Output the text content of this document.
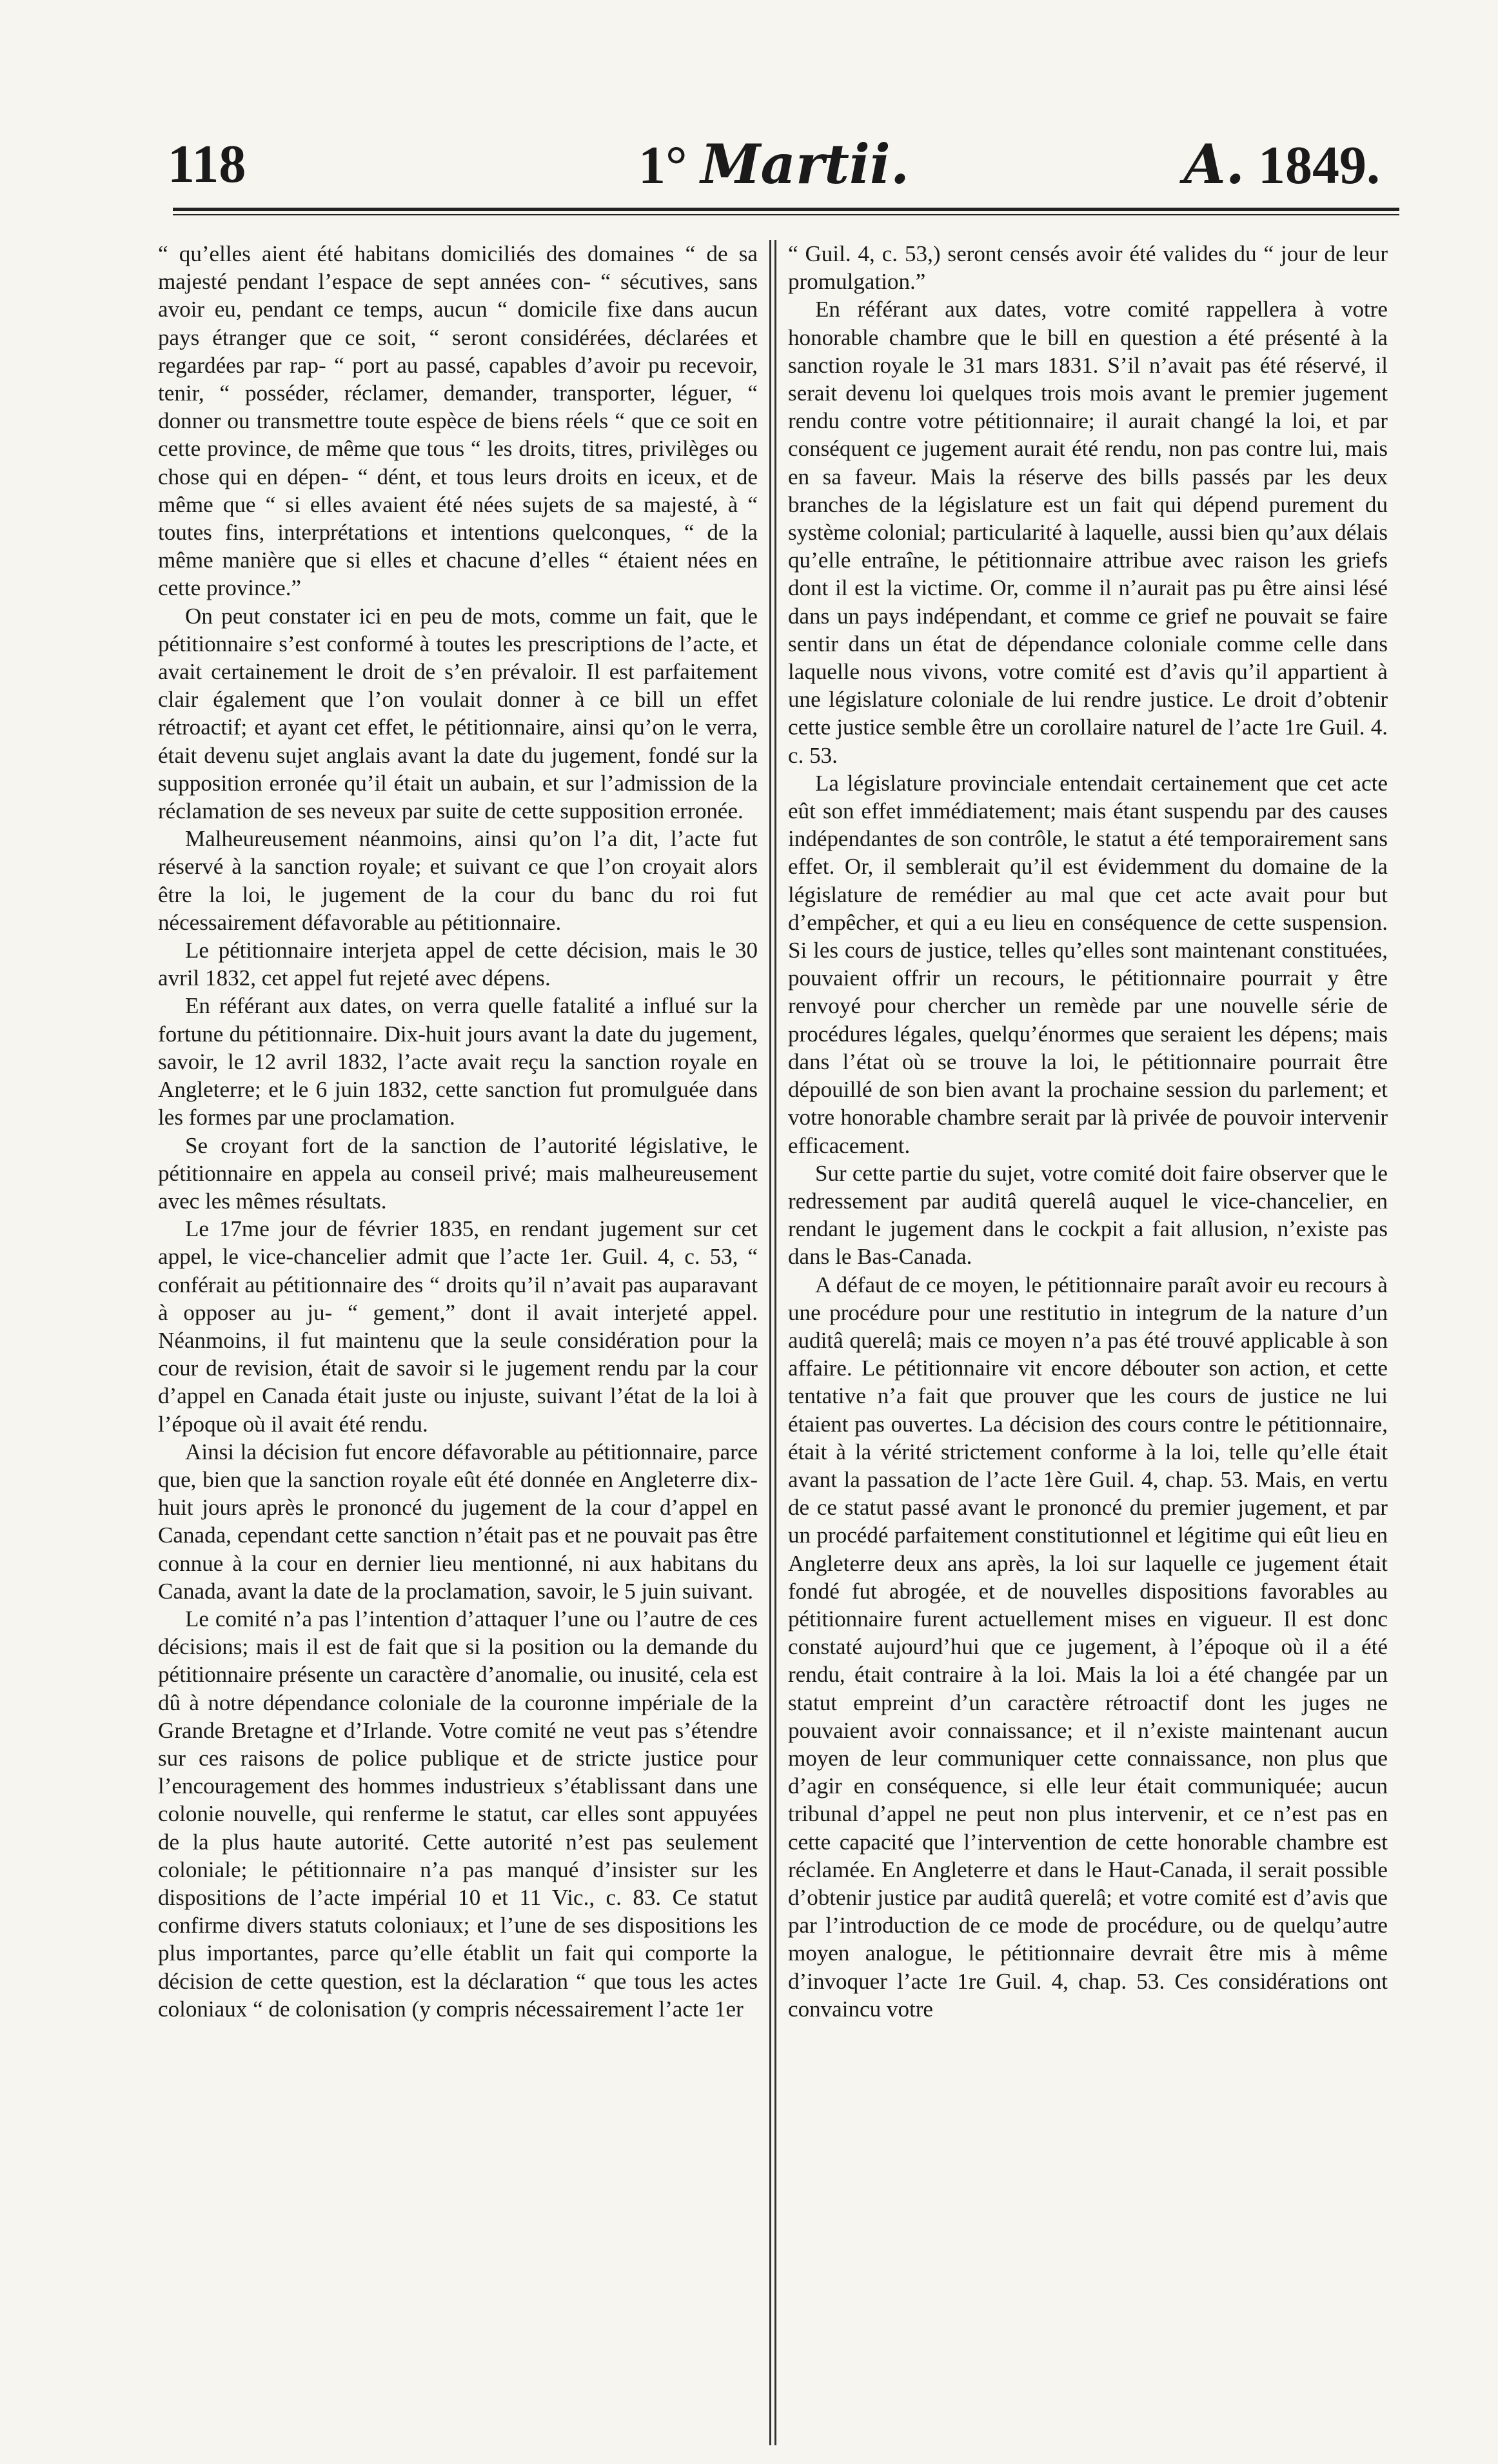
118	1° Martii.	A. 1849.

“ qu’elles aient été habitans domiciliés des domaines “ de sa majesté pendant l’espace de sept années con- “ sécutives, sans avoir eu, pendant ce temps, aucun “ domicile fixe dans aucun pays étranger que ce soit, “ seront considérées, déclarées et regardées par rap- “ port au passé, capables d’avoir pu recevoir, tenir, “ posséder, réclamer, demander, transporter, léguer, “ donner ou transmettre toute espèce de biens réels “ que ce soit en cette province, de même que tous “ les droits, titres, privilèges ou chose qui en dépen- “ dént, et tous leurs droits en iceux, et de même que “ si elles avaient été nées sujets de sa majesté, à “ toutes fins, interprétations et intentions quelconques, “ de la même manière que si elles et chacune d’elles “ étaient nées en cette province.”

On peut constater ici en peu de mots, comme un fait, que le pétitionnaire s’est conformé à toutes les prescriptions de l’acte, et avait certainement le droit de s’en prévaloir. Il est parfaitement clair également que l’on voulait donner à ce bill un effet rétroactif; et ayant cet effet, le pétitionnaire, ainsi qu’on le verra, était devenu sujet anglais avant la date du jugement, fondé sur la supposition erronée qu’il était un aubain, et sur l’admission de la réclamation de ses neveux par suite de cette supposition erronée.

Malheureusement néanmoins, ainsi qu’on l’a dit, l’acte fut réservé à la sanction royale; et suivant ce que l’on croyait alors être la loi, le jugement de la cour du banc du roi fut nécessairement défavorable au pétitionnaire.

Le pétitionnaire interjeta appel de cette décision, mais le 30 avril 1832, cet appel fut rejeté avec dépens.

En référant aux dates, on verra quelle fatalité a influé sur la fortune du pétitionnaire. Dix-huit jours avant la date du jugement, savoir, le 12 avril 1832, l’acte avait reçu la sanction royale en Angleterre; et le 6 juin 1832, cette sanction fut promulguée dans les formes par une proclamation.

Se croyant fort de la sanction de l’autorité législative, le pétitionnaire en appela au conseil privé; mais malheureusement avec les mêmes résultats.

Le 17me jour de février 1835, en rendant jugement sur cet appel, le vice-chancelier admit que l’acte 1er. Guil. 4, c. 53, “ conférait au pétitionnaire des “ droits qu’il n’avait pas auparavant à opposer au ju- “ gement,” dont il avait interjeté appel. Néanmoins, il fut maintenu que la seule considération pour la cour de revision, était de savoir si le jugement rendu par la cour d’appel en Canada était juste ou injuste, suivant l’état de la loi à l’époque où il avait été rendu.

Ainsi la décision fut encore défavorable au pétitionnaire, parce que, bien que la sanction royale eût été donnée en Angleterre dix-huit jours après le prononcé du jugement de la cour d’appel en Canada, cependant cette sanction n’était pas et ne pouvait pas être connue à la cour en dernier lieu mentionné, ni aux habitans du Canada, avant la date de la proclamation, savoir, le 5 juin suivant.

Le comité n’a pas l’intention d’attaquer l’une ou l’autre de ces décisions; mais il est de fait que si la position ou la demande du pétitionnaire présente un caractère d’anomalie, ou inusité, cela est dû à notre dépendance coloniale de la couronne impériale de la Grande Bretagne et d’Irlande. Votre comité ne veut pas s’étendre sur ces raisons de police publique et de stricte justice pour l’encouragement des hommes industrieux s’établissant dans une colonie nouvelle, qui renferme le statut, car elles sont appuyées de la plus haute autorité. Cette autorité n’est pas seulement coloniale; le pétitionnaire n’a pas manqué d’insister sur les dispositions de l’acte impérial 10 et 11 Vic., c. 83. Ce statut confirme divers statuts coloniaux; et l’une de ses dispositions les plus importantes, parce qu’elle établit un fait qui comporte la décision de cette question, est la déclaration “ que tous les actes coloniaux “ de colonisation (y compris nécessairement l’acte 1er

“ Guil. 4, c. 53,) seront censés avoir été valides du “ jour de leur promulgation.”

En référant aux dates, votre comité rappellera à votre honorable chambre que le bill en question a été présenté à la sanction royale le 31 mars 1831. S’il n’avait pas été réservé, il serait devenu loi quelques trois mois avant le premier jugement rendu contre votre pétitionnaire; il aurait changé la loi, et par conséquent ce jugement aurait été rendu, non pas contre lui, mais en sa faveur. Mais la réserve des bills passés par les deux branches de la législature est un fait qui dépend purement du système colonial; particularité à laquelle, aussi bien qu’aux délais qu’elle entraîne, le pétitionnaire attribue avec raison les griefs dont il est la victime. Or, comme il n’aurait pas pu être ainsi lésé dans un pays indépendant, et comme ce grief ne pouvait se faire sentir dans un état de dépendance coloniale comme celle dans laquelle nous vivons, votre comité est d’avis qu’il appartient à une législature coloniale de lui rendre justice. Le droit d’obtenir cette justice semble être un corollaire naturel de l’acte 1re Guil. 4. c. 53.

La législature provinciale entendait certainement que cet acte eût son effet immédiatement; mais étant suspendu par des causes indépendantes de son contrôle, le statut a été temporairement sans effet. Or, il semblerait qu’il est évidemment du domaine de la législature de remédier au mal que cet acte avait pour but d’empêcher, et qui a eu lieu en conséquence de cette suspension. Si les cours de justice, telles qu’elles sont maintenant constituées, pouvaient offrir un recours, le pétitionnaire pourrait y être renvoyé pour chercher un remède par une nouvelle série de procédures légales, quelqu’énormes que seraient les dépens; mais dans l’état où se trouve la loi, le pétitionnaire pourrait être dépouillé de son bien avant la prochaine session du parlement; et votre honorable chambre serait par là privée de pouvoir intervenir efficacement.

Sur cette partie du sujet, votre comité doit faire observer que le redressement par auditâ querelâ auquel le vice-chancelier, en rendant le jugement dans le cockpit a fait allusion, n’existe pas dans le Bas-Canada.

A défaut de ce moyen, le pétitionnaire paraît avoir eu recours à une procédure pour une restitutio in integrum de la nature d’un auditâ querelâ; mais ce moyen n’a pas été trouvé applicable à son affaire. Le pétitionnaire vit encore débouter son action, et cette tentative n’a fait que prouver que les cours de justice ne lui étaient pas ouvertes. La décision des cours contre le pétitionnaire, était à la vérité strictement conforme à la loi, telle qu’elle était avant la passation de l’acte 1ère Guil. 4, chap. 53. Mais, en vertu de ce statut passé avant le prononcé du premier jugement, et par un procédé parfaitement constitutionnel et légitime qui eût lieu en Angleterre deux ans après, la loi sur laquelle ce jugement était fondé fut abrogée, et de nouvelles dispositions favorables au pétitionnaire furent actuellement mises en vigueur. Il est donc constaté aujourd’hui que ce jugement, à l’époque où il a été rendu, était contraire à la loi. Mais la loi a été changée par un statut empreint d’un caractère rétroactif dont les juges ne pouvaient avoir connaissance; et il n’existe maintenant aucun moyen de leur communiquer cette connaissance, non plus que d’agir en conséquence, si elle leur était communiquée; aucun tribunal d’appel ne peut non plus intervenir, et ce n’est pas en cette capacité que l’intervention de cette honorable chambre est réclamée. En Angleterre et dans le Haut-Canada, il serait possible d’obtenir justice par auditâ querelâ; et votre comité est d’avis que par l’introduction de ce mode de procédure, ou de quelqu’autre moyen analogue, le pétitionnaire devrait être mis à même d’invoquer l’acte 1re Guil. 4, chap. 53. Ces considérations ont convaincu votre
